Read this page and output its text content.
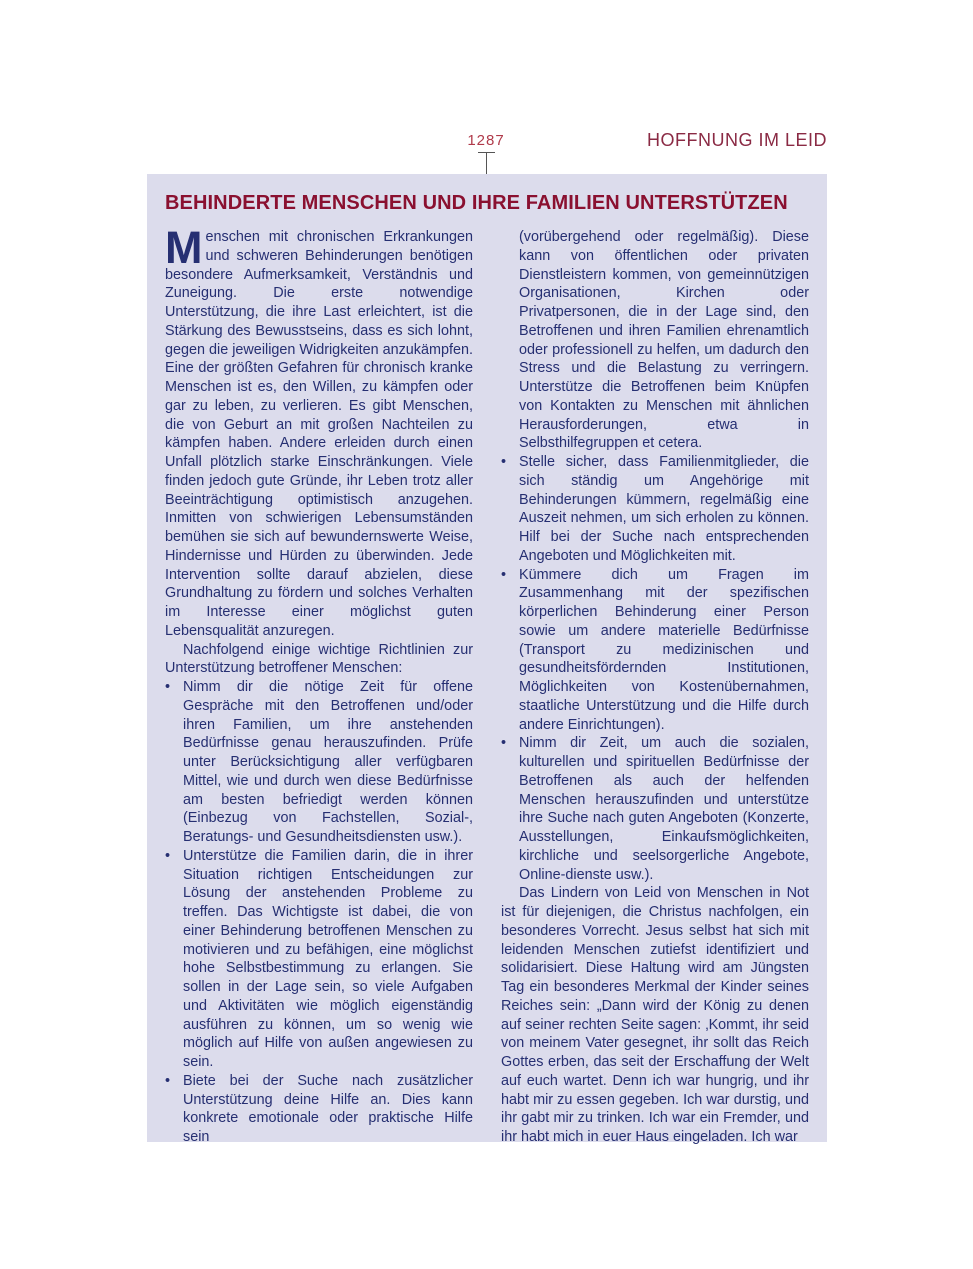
1287	HOFFNUNG IM LEID
BEHINDERTE MENSCHEN UND IHRE FAMILIEN UNTERSTÜTZEN

Menschen mit chronischen Erkrankungen und schweren Behinderungen benötigen besondere Aufmerksamkeit, Verständnis und Zuneigung. Die erste notwendige Unterstützung, die ihre Last erleichtert, ist die Stärkung des Bewusstseins, dass es sich lohnt, gegen die jeweiligen Widrigkeiten anzukämpfen. Eine der größten Gefahren für chronisch kranke Menschen ist es, den Willen, zu kämpfen oder gar zu leben, zu verlieren. Es gibt Menschen, die von Geburt an mit großen Nachteilen zu kämpfen haben. Andere erleiden durch einen Unfall plötzlich starke Einschränkungen. Viele finden jedoch gute Gründe, ihr Leben trotz aller Beeinträchtigung optimistisch anzugehen. Inmitten von schwierigen Lebensumständen bemühen sie sich auf bewundernswerte Weise, Hindernisse und Hürden zu überwinden. Jede Intervention sollte darauf abzielen, diese Grundhaltung zu fördern und solches Verhalten im Interesse einer möglichst guten Lebensqualität anzuregen.

Nachfolgend einige wichtige Richtlinien zur Unterstützung betroffener Menschen:

• Nimm dir die nötige Zeit für offene Gespräche mit den Betroffenen und/oder ihren Familien, um ihre anstehenden Bedürfnisse genau herauszufinden. Prüfe unter Berücksichtigung aller verfügbaren Mittel, wie und durch wen diese Bedürfnisse am besten befriedigt werden können (Einbezug von Fachstellen, Sozial-, Beratungs- und Gesundheitsdiensten usw.).
• Unterstütze die Familien darin, die in ihrer Situation richtigen Entscheidungen zur Lösung der anstehenden Probleme zu treffen. Das Wichtigste ist dabei, die von einer Behinderung betroffenen Menschen zu motivieren und zu befähigen, eine möglichst hohe Selbstbestimmung zu erlangen. Sie sollen in der Lage sein, so viele Aufgaben und Aktivitäten wie möglich eigenständig ausführen zu können, um so wenig wie möglich auf Hilfe von außen angewiesen zu sein.
• Biete bei der Suche nach zusätzlicher Unterstützung deine Hilfe an. Dies kann konkrete emotionale oder praktische Hilfe sein

(vorübergehend oder regelmäßig). Diese kann von öffentlichen oder privaten Dienstleistern kommen, von gemeinnützigen Organisationen, Kirchen oder Privatpersonen, die in der Lage sind, den Betroffenen und ihren Familien ehrenamtlich oder professionell zu helfen, um dadurch den Stress und die Belastung zu verringern. Unterstütze die Betroffenen beim Knüpfen von Kontakten zu Menschen mit ähnlichen Herausforderungen, etwa in Selbsthilfegruppen et cetera.

• Stelle sicher, dass Familienmitglieder, die sich ständig um Angehörige mit Behinderungen kümmern, regelmäßig eine Auszeit nehmen, um sich erholen zu können. Hilf bei der Suche nach entsprechenden Angeboten und Möglichkeiten mit.
• Kümmere dich um Fragen im Zusammenhang mit der spezifischen körperlichen Behinderung einer Person sowie um andere materielle Bedürfnisse (Transport zu medizinischen und gesundheitsfördernden Institutionen, Möglichkeiten von Kostenübernahmen, staatliche Unterstützung und die Hilfe durch andere Einrichtungen).
• Nimm dir Zeit, um auch die sozialen, kulturellen und spirituellen Bedürfnisse der Betroffenen als auch der helfenden Menschen herauszufinden und unterstütze ihre Suche nach guten Angeboten (Konzerte, Ausstellungen, Einkaufsmöglichkeiten, kirchliche und seelsorgerliche Angebote, Online-dienste usw.).

Das Lindern von Leid von Menschen in Not ist für diejenigen, die Christus nachfolgen, ein besonderes Vorrecht. Jesus selbst hat sich mit leidenden Menschen zutiefst identifiziert und solidarisiert. Diese Haltung wird am Jüngsten Tag ein besonderes Merkmal der Kinder seines Reiches sein: „Dann wird der König zu denen auf seiner rechten Seite sagen: ‚Kommt, ihr seid von meinem Vater gesegnet, ihr sollt das Reich Gottes erben, das seit der Erschaffung der Welt auf euch wartet. Denn ich war hungrig, und ihr habt mir zu essen gegeben. Ich war durstig, und ihr gabt mir zu trinken. Ich war ein Fremder, und ihr habt mich in euer Haus eingeladen. Ich war
